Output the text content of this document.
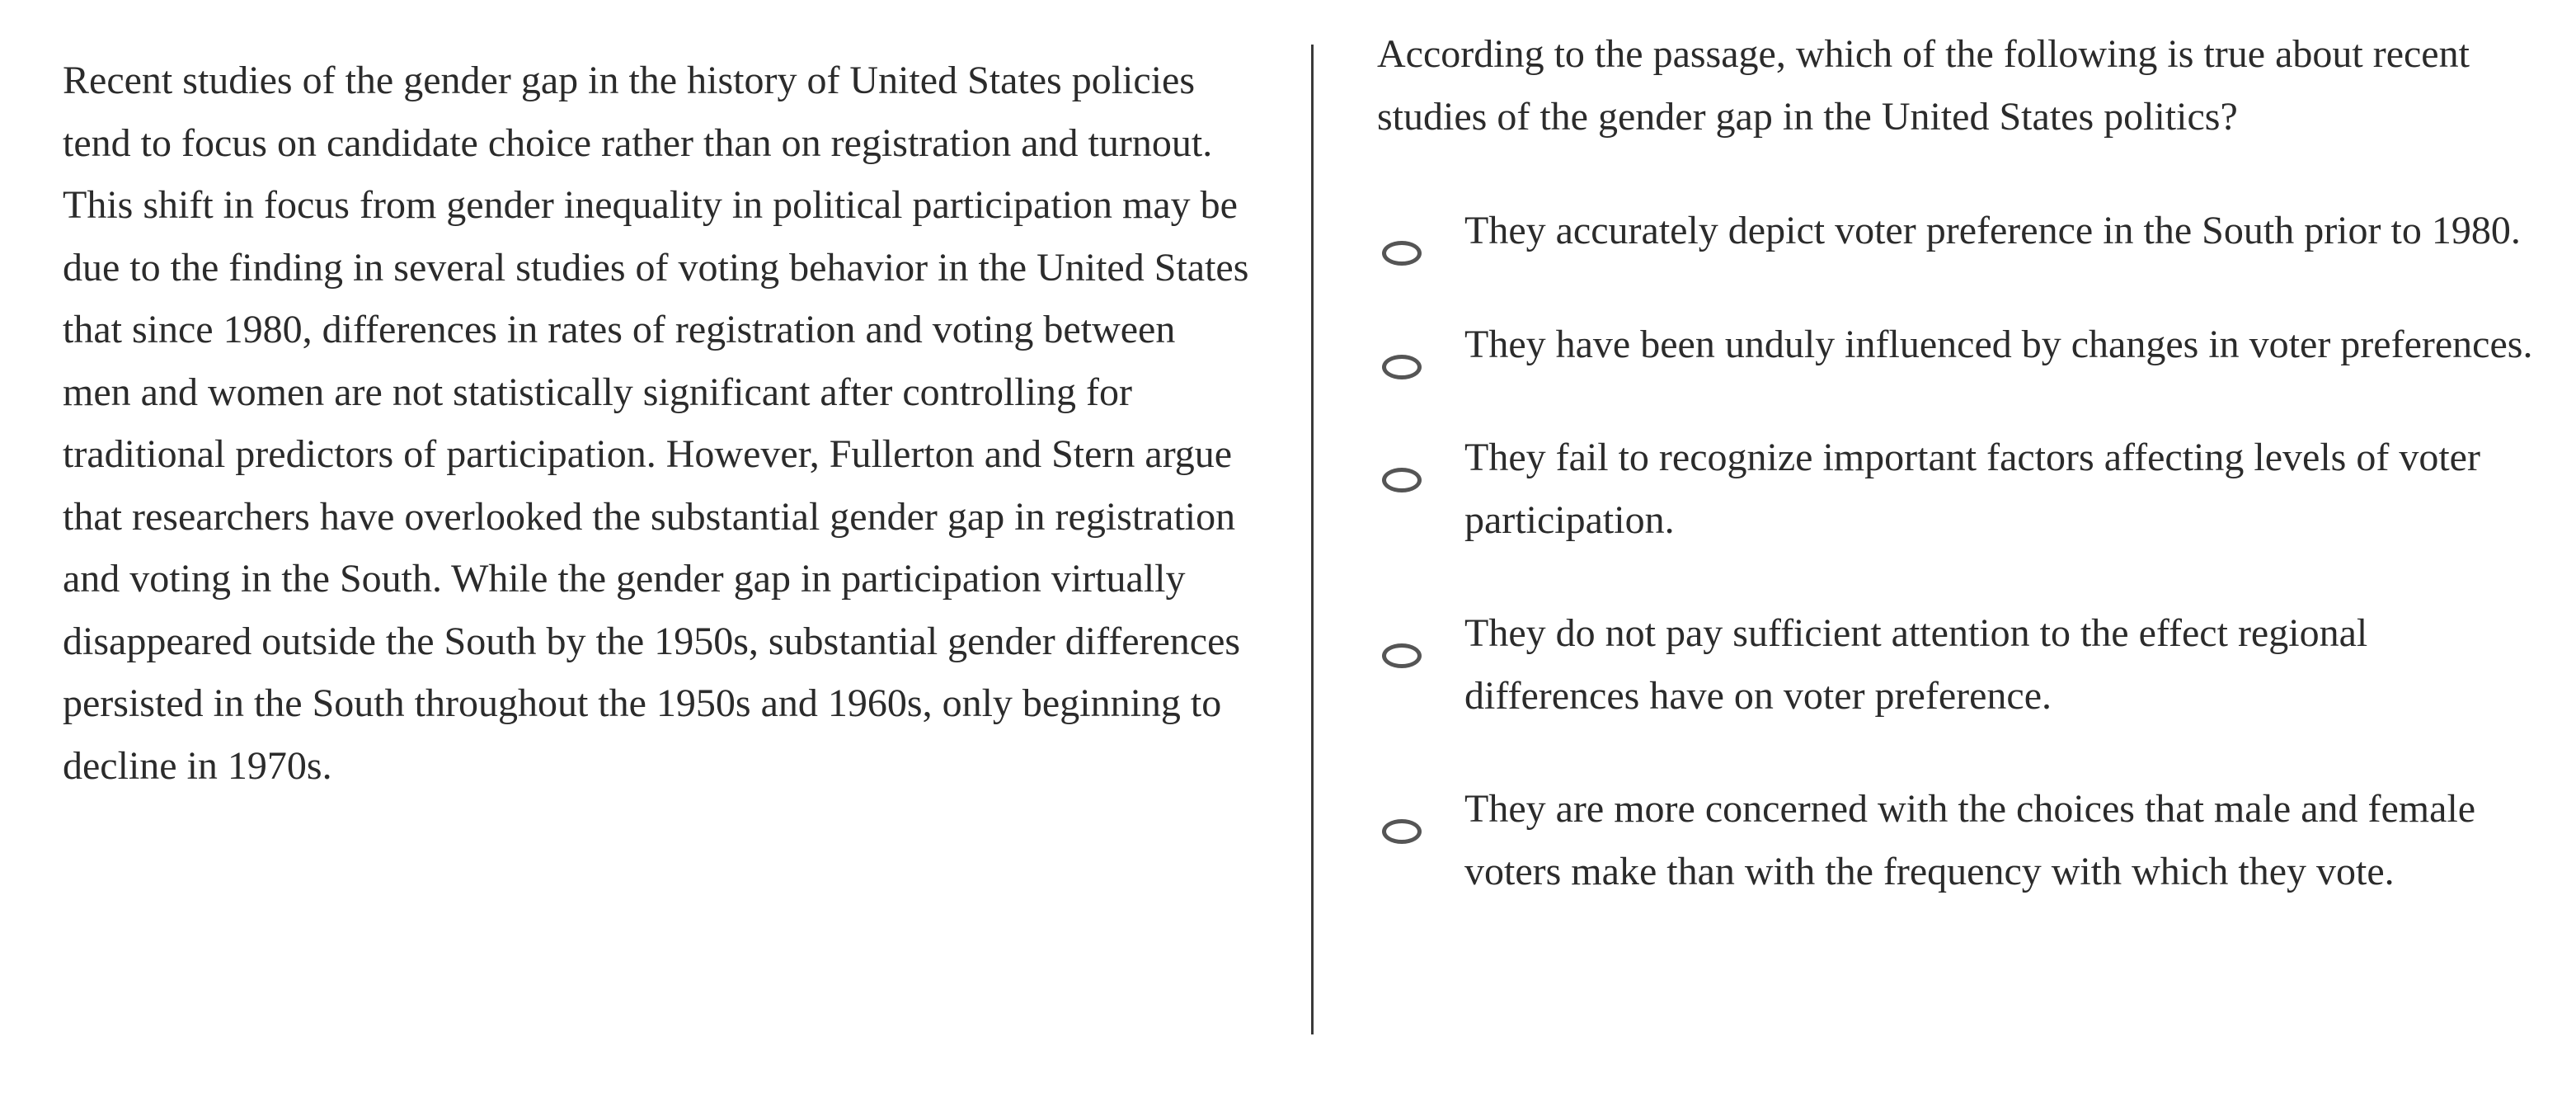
Recent studies of the gender gap in the history of United States policies tend to focus on candidate choice rather than on registration and turnout. This shift in focus from gender inequality in political participation may be due to the finding in several studies of voting behavior in the United States that since 1980, differences in rates of registration and voting between men and women are not statistically significant after controlling for traditional predictors of participation. However, Fullerton and Stern argue that researchers have overlooked the substantial gender gap in registration and voting in the South. While the gender gap in participation virtually disappeared outside the South by the 1950s, substantial gender differences persisted in the South throughout the 1950s and 1960s, only beginning to decline in 1970s.

According to the passage, which of the following is true about recent studies of the gender gap in the United States politics?

They accurately depict voter preference in the South prior to 1980.
They have been unduly influenced by changes in voter preferences.
They fail to recognize important factors affecting levels of voter participation.
They do not pay sufficient attention to the effect regional differences have on voter preference.
They are more concerned with the choices that male and female voters make than with the frequency with which they vote.
